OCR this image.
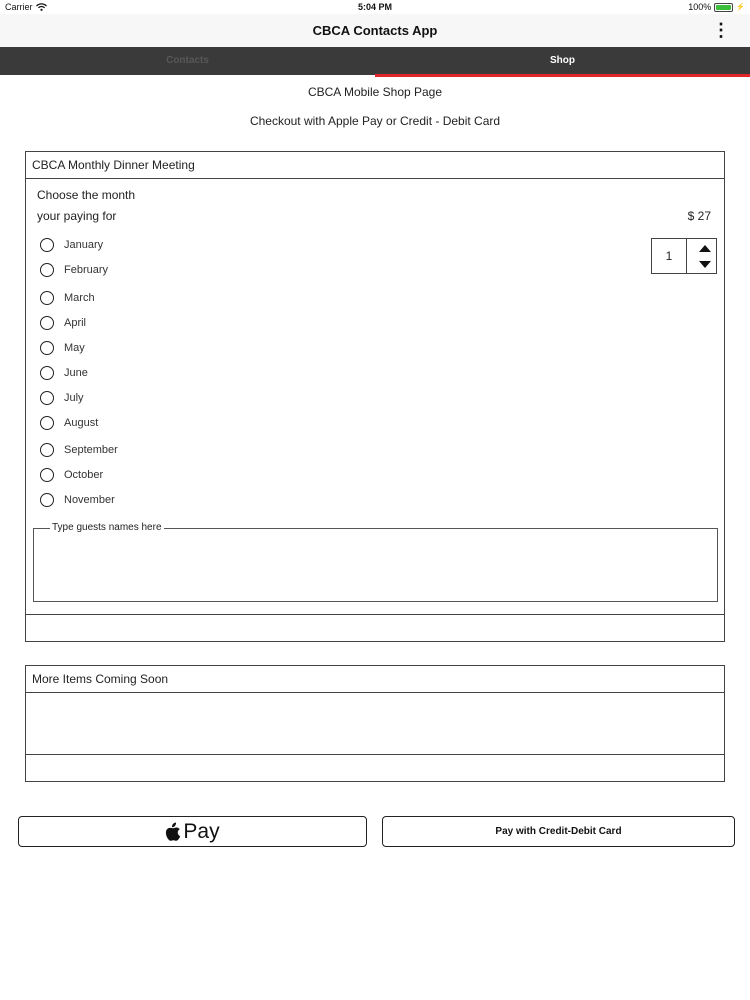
Carrier	5:04 PM	100%	⚡
CBCA Contacts App	⋮
Contacts	Shop
CBCA Mobile Shop Page
Checkout with Apple Pay or Credit - Debit Card
CBCA Monthly Dinner Meeting
Choose the month
your paying for	$ 27
1
January
February
March
April
May
June
July
August
September
October
November
Type guests names here
More Items Coming Soon
Pay	Pay with Credit-Debit Card
